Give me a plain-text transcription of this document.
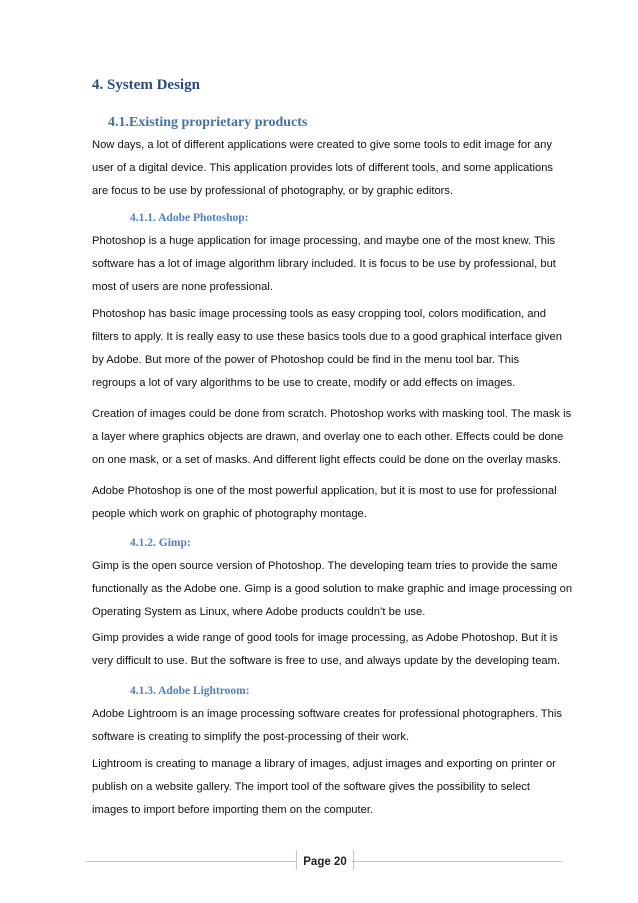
4. System Design
4.1.Existing proprietary products
Now days, a lot of different applications were created to give some tools to edit image for any
user of a digital device. This application provides lots of different tools, and some applications
are focus to be use by professional of photography, or by graphic editors.
4.1.1. Adobe Photoshop:
Photoshop is a huge application for image processing, and maybe one of the most knew. This
software has a lot of image algorithm library included. It is focus to be use by professional, but
most of users are none professional.
Photoshop has basic image processing tools as easy cropping tool, colors modification, and
filters to apply. It is really easy to use these basics tools due to a good graphical interface given
by Adobe. But more of the power of Photoshop could be find in the menu tool bar. This
regroups a lot of vary algorithms to be use to create, modify or add effects on images.
Creation of images could be done from scratch. Photoshop works with masking tool. The mask is
a layer where graphics objects are drawn, and overlay one to each other. Effects could be done
on one mask, or a set of masks. And different light effects could be done on the overlay masks.
Adobe Photoshop is one of the most powerful application, but it is most to use for professional
people which work on graphic of photography montage.
4.1.2. Gimp:
Gimp is the open source version of Photoshop. The developing team tries to provide the same
functionally as the Adobe one. Gimp is a good solution to make graphic and image processing on
Operating System as Linux, where Adobe products couldn’t be use.
Gimp provides a wide range of good tools for image processing, as Adobe Photoshop. But it is
very difficult to use. But the software is free to use, and always update by the developing team.
4.1.3. Adobe Lightroom:
Adobe Lightroom is an image processing software creates for professional photographers. This
software is creating to simplify the post-processing of their work.
Lightroom is creating to manage a library of images, adjust images and exporting on printer or
publish on a website gallery. The import tool of the software gives the possibility to select
images to import before importing them on the computer.
Page 20
